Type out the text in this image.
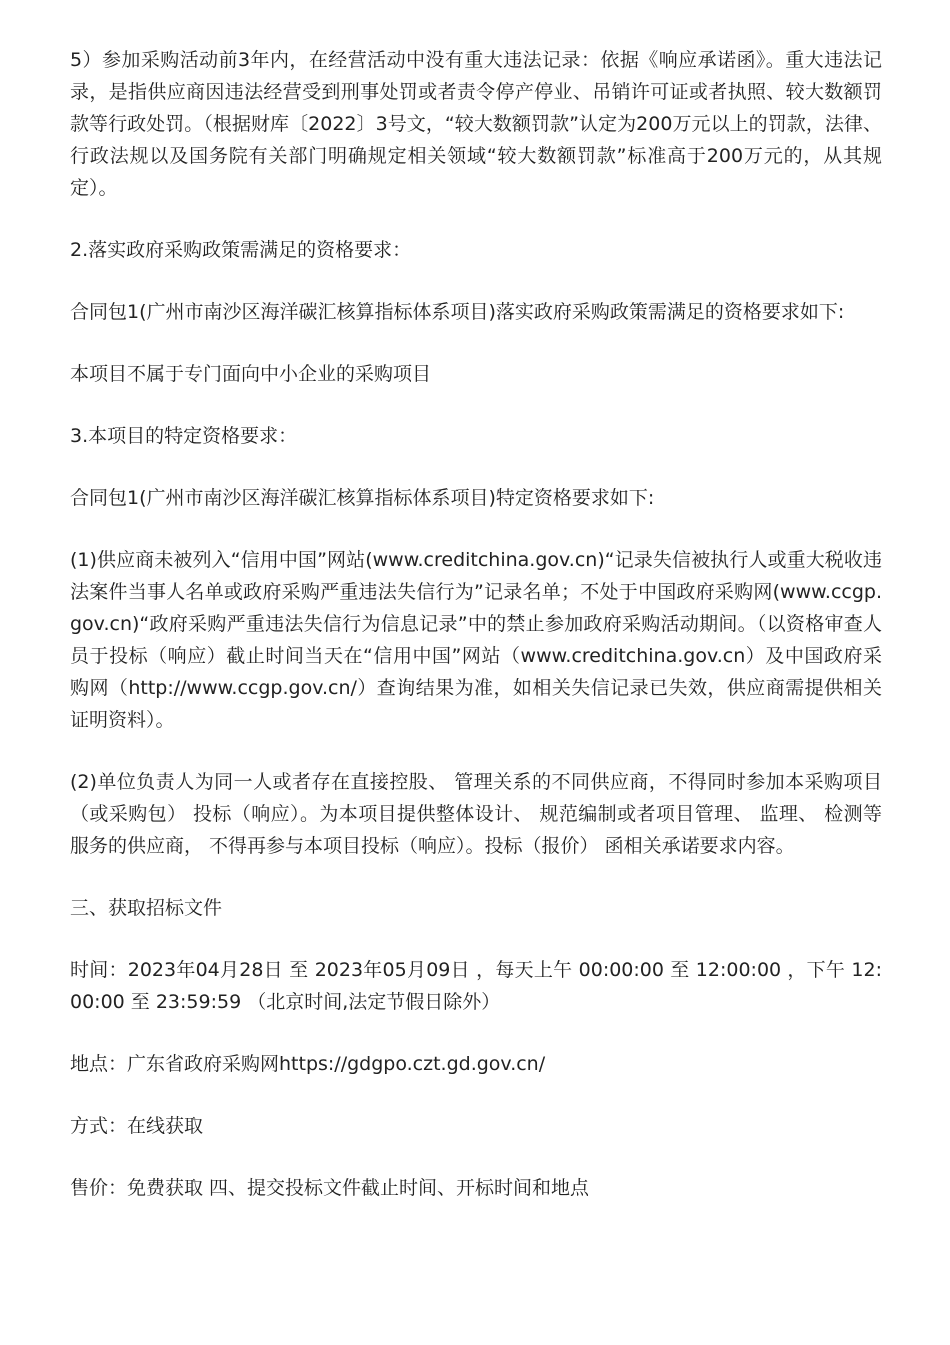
5）参加采购活动前3年内，在经营活动中没有重大违法记录：依据《响应承诺函》。重大违法记录，是指供应商因违法经营受到刑事处罚或者责令停产停业、吊销许可证或者执照、较大数额罚款等行政处罚。（根据财库〔2022〕3号文，“较大数额罚款”认定为200万元以上的罚款，法律、行政法规以及国务院有关部门明确规定相关领域“较大数额罚款”标准高于200万元的，从其规定）。

2.落实政府采购政策需满足的资格要求：

合同包1(广州市南沙区海洋碳汇核算指标体系项目)落实政府采购政策需满足的资格要求如下:

本项目不属于专门面向中小企业的采购项目

3.本项目的特定资格要求：

合同包1(广州市南沙区海洋碳汇核算指标体系项目)特定资格要求如下:

(1)供应商未被列入“信用中国”网站(www.creditchina.gov.cn)“记录失信被执行人或重大税收违法案件当事人名单或政府采购严重违法失信行为”记录名单；不处于中国政府采购网(www.ccgp.gov.cn)“政府采购严重违法失信行为信息记录”中的禁止参加政府采购活动期间。（以资格审查人员于投标（响应）截止时间当天在“信用中国”网站（www.creditchina.gov.cn）及中国政府采购网（http://www.ccgp.gov.cn/）查询结果为准，如相关失信记录已失效，供应商需提供相关证明资料）。

(2)单位负责人为同一人或者存在直接控股、 管理关系的不同供应商，不得同时参加本采购项目（或采购包） 投标（响应）。为本项目提供整体设计、 规范编制或者项目管理、 监理、 检测等服务的供应商， 不得再参与本项目投标（响应）。投标（报价） 函相关承诺要求内容。

三、获取招标文件

时间：2023年04月28日 至 2023年05月09日 ，每天上午 00:00:00 至 12:00:00 ，下午 12:00:00 至 23:59:59 （北京时间,法定节假日除外）

地点：广东省政府采购网https://gdgpo.czt.gd.gov.cn/

方式：在线获取

售价：免费获取 四、提交投标文件截止时间、开标时间和地点
